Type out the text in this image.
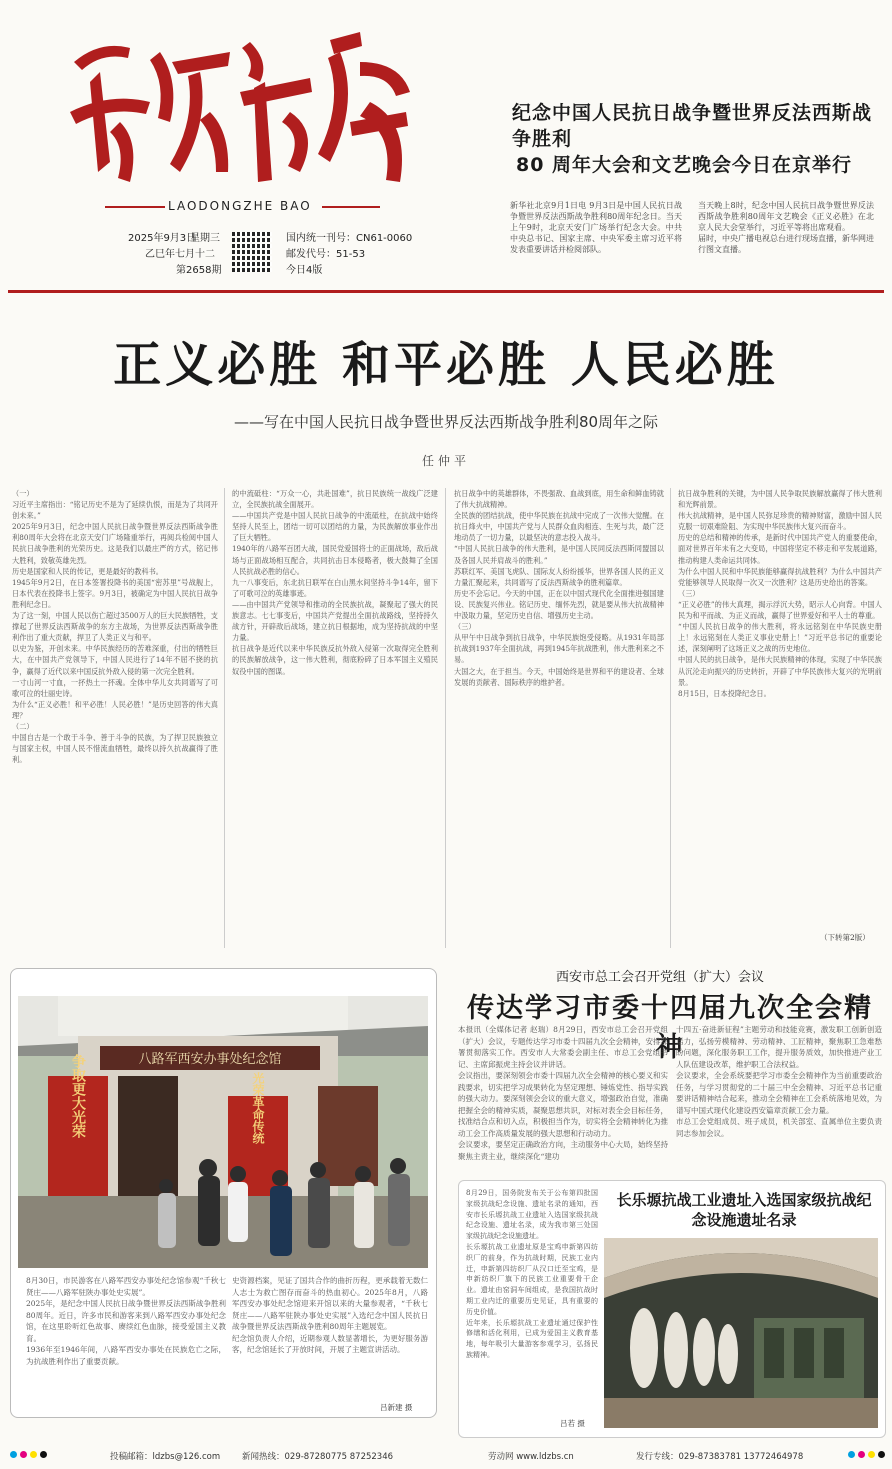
LAODONGZHE BAO
2025年9月3日
星期三
乙巳年七月十二
第2658期
国内统一刊号：CN61-0060
邮发代号：51-53
今日4版
纪念中国人民抗日战争暨世界反法西斯战争胜利
80 周年大会和文艺晚会今日在京举行
新华社北京9月1日电 9月3日是中国人民抗日战争暨世界反法西斯战争胜利80周年纪念日。当天上午9时，北京天安门广场举行纪念大会。中共中央总书记、国家主席、中央军委主席习近平将发表重要讲话并检阅部队。
当天晚上8时，纪念中国人民抗日战争暨世界反法西斯战争胜利80周年文艺晚会《正义必胜》在北京人民大会堂举行，习近平等将出席观看。
届时，中央广播电视总台进行现场直播，新华网进行图文直播。
正义必胜 和平必胜 人民必胜
——写在中国人民抗日战争暨世界反法西斯战争胜利80周年之际
任仲平
（一）
习近平主席指出：“铭记历史不是为了延续仇恨，而是为了共同开创未来。”
2025年9月3日，纪念中国人民抗日战争暨世界反法西斯战争胜利80周年大会将在北京天安门广场隆重举行，再阅兵检阅中国人民抗日战争胜利的光荣历史。这是我们以最庄严的方式，铭记伟大胜利，致敬英雄先烈。
历史是国家和人民的传记，更是最好的教科书。
1945年9月2日，在日本签署投降书的美国“密苏里”号战舰上，日本代表在投降书上签字。9月3日，被确定为中国人民抗日战争胜利纪念日。
为了这一刻，中国人民以伤亡超过3500万人的巨大民族牺牲，支撑起了世界反法西斯战争的东方主战场，为世界反法西斯战争胜利作出了重大贡献，捍卫了人类正义与和平。
以史为鉴，开创未来。中华民族经历的苦难深重，付出的牺牲巨大，在中国共产党领导下，中国人民进行了14年不屈不挠的抗争，赢得了近代以来中国反抗外敌入侵的第一次完全胜利。
一寸山河一寸血，一抔热土一抔魂。全体中华儿女共同谱写了可歌可泣的壮丽史诗。
为什么“正义必胜！和平必胜！人民必胜！”是历史回答的伟大真理？
（二）
中国自古是一个敢于斗争、善于斗争的民族，为了捍卫民族独立与国家主权，中国人民不惜流血牺牲，最终以持久抗战赢得了胜利。
的中流砥柱：“万众一心，共赴国难”，抗日民族统一战线广泛建立，全民族抗战全面展开。
——中国共产党是中国人民抗日战争的中流砥柱，在抗战中始终坚持人民至上，团结一切可以团结的力量，为民族解放事业作出了巨大牺牲。
1940年的八路军百团大战，国民党爱国将士的正面战场，敌后战场与正面战场相互配合，共同抗击日本侵略者，极大鼓舞了全国人民抗战必胜的信心。
九一八事变后，东北抗日联军在白山黑水间坚持斗争14年，留下了可歌可泣的英雄事迹。
——由中国共产党领导和推动的全民族抗战，凝聚起了强大的民族意志。七七事变后，中国共产党提出全面抗战路线，坚持持久战方针，开辟敌后战场，建立抗日根据地，成为坚持抗战的中坚力量。
抗日战争是近代以来中华民族反抗外敌入侵第一次取得完全胜利的民族解放战争，这一伟大胜利，彻底粉碎了日本军国主义殖民奴役中国的图谋。
抗日战争中的英雄群体，不畏强敌、血战到底，用生命和鲜血铸就了伟大抗战精神。
全民族的团结抗战，使中华民族在抗战中完成了一次伟大觉醒。在抗日烽火中，中国共产党与人民群众血肉相连、生死与共，最广泛地动员了一切力量，以最坚决的意志投入战斗。
“中国人民抗日战争的伟大胜利，是中国人民同反法西斯同盟国以及各国人民并肩战斗的胜利。”
苏联红军、美国飞虎队、国际友人纷纷援华，世界各国人民的正义力量汇聚起来，共同谱写了反法西斯战争的胜利篇章。
历史不会忘记。今天的中国，正在以中国式现代化全面推进强国建设、民族复兴伟业。铭记历史、缅怀先烈，就是要从伟大抗战精神中汲取力量，坚定历史自信、增强历史主动。
（三）
从甲午中日战争到抗日战争，中华民族饱受侵略。从1931年局部抗战到1937年全面抗战，再到1945年抗战胜利，伟大胜利来之不易。
大国之大，在于担当。今天，中国始终是世界和平的建设者、全球发展的贡献者、国际秩序的维护者。
抗日战争胜利的关键，为中国人民争取民族解放赢得了伟大胜利和光辉前景。
伟大抗战精神，是中国人民弥足珍贵的精神财富，激励中国人民克服一切艰难险阻、为实现中华民族伟大复兴而奋斗。
历史的总结和精神的传承，是新时代中国共产党人的重要使命，面对世界百年未有之大变局，中国将坚定不移走和平发展道路，推动构建人类命运共同体。
为什么中国人民和中华民族能够赢得抗战胜利？为什么中国共产党能够领导人民取得一次又一次胜利？这是历史给出的答案。
（三）
“正义必胜”的伟大真理，揭示浮沉大势，昭示人心向背。中国人民为和平而战、为正义而战，赢得了世界爱好和平人士的尊重。
“中国人民抗日战争的伟大胜利，将永远铭刻在中华民族史册上！永远铭刻在人类正义事业史册上！”习近平总书记的重要论述，深刻阐明了这场正义之战的历史地位。
中国人民的抗日战争，是伟大民族精神的体现，实现了中华民族从沉沦走向振兴的历史转折，开辟了中华民族伟大复兴的光明前景。
8月15日，日本投降纪念日。
（下转第2版）
八路军西安办事处纪念馆
争取更大光荣	光荣革命传统
8月30日，市民游客在八路军西安办事处纪念馆参观“千秋七贤庄——八路军驻陕办事处史实展”。
2025年，是纪念中国人民抗日战争暨世界反法西斯战争胜利80周年。近日，许多市民和游客来到八路军西安办事处纪念馆，在这里聆听红色故事、赓续红色血脉，接受爱国主义教育。
1936年至1946年间，八路军西安办事处在民族危亡之际，为抗战胜利作出了重要贡献。
史资源档案，见证了国共合作的曲折历程，更承载着无数仁人志士为救亡图存而奋斗的热血初心。2025年8月，八路军西安办事处纪念馆迎来开馆以来的大量参观者，“千秋七贤庄——八路军驻陕办事处史实展”入选纪念中国人民抗日战争暨世界反法西斯战争胜利80周年主题展览。
纪念馆负责人介绍，近期参观人数显著增长，为更好服务游客，纪念馆延长了开放时间，开展了主题宣讲活动。
吕新建 摄
西安市总工会召开党组（扩大）会议
传达学习市委十四届九次全会精神
本报讯（全媒体记者 赵瑞）8月29日，西安市总工会召开党组（扩大）会议，专题传达学习市委十四届九次全会精神，安排部署贯彻落实工作。西安市人大常委会副主任、市总工会党组书记、主席邱振虎主持会议并讲话。
会议指出，要深刻领会市委十四届九次全会精神的核心要义和实践要求，切实把学习成果转化为坚定理想、锤炼党性、指导实践的强大动力。要深刻领会会议的重大意义，增强政治自觉，准确把握全会的精神实质，凝聚思想共识，对标对表全会目标任务，找准结合点和切入点，积极担当作为，切实将全会精神转化为推动工会工作高质量发展的强大思想和行动动力。
会议要求，要坚定正确政治方向，主动服务中心大局，始终坚持聚焦主责主业，继续深化“建功
十四五·奋进新征程”主题劳动和技能竞赛，激发职工创新创造活力，弘扬劳模精神、劳动精神、工匠精神，聚焦职工急难愁盼问题，深化服务职工工作，提升服务质效，加快推进产业工人队伍建设改革，维护职工合法权益。
会议要求，全会系统要把学习市委全会精神作为当前重要政治任务，与学习贯彻党的二十届三中全会精神、习近平总书记重要讲话精神结合起来，推动全会精神在工会系统落地见效，为谱写中国式现代化建设西安篇章贡献工会力量。
市总工会党组成员、班子成员，机关部室、直属单位主要负责同志参加会议。
长乐塬抗战工业遗址入选国家级抗战纪念设施遗址名录
8月29日，国务院发布关于公布第四批国家级抗战纪念设施、遗址名录的通知，西安市长乐塬抗战工业遗址入选国家级抗战纪念设施、遗址名录，成为我市第三处国家级抗战纪念设施遗址。
长乐塬抗战工业遗址原是宝鸡申新第四纺织厂的前身，作为抗战时期，民族工业内迁，申新第四纺织厂从汉口迁至宝鸡，是申新纺织厂旗下的民族工业重要骨干企业。遗址由窑洞车间组成，是我国抗战时期工业内迁的重要历史见证，具有重要的历史价值。
近年来，长乐塬抗战工业遗址通过保护性修缮和活化利用，已成为爱国主义教育基地，每年吸引大量游客参观学习，弘扬民族精神。
吕若 摄
投稿邮箱：ldzbs@126.com	新闻热线：029-87280775 87252346	劳动网 www.ldzbs.cn	发行专线：029-87383781 13772464978
